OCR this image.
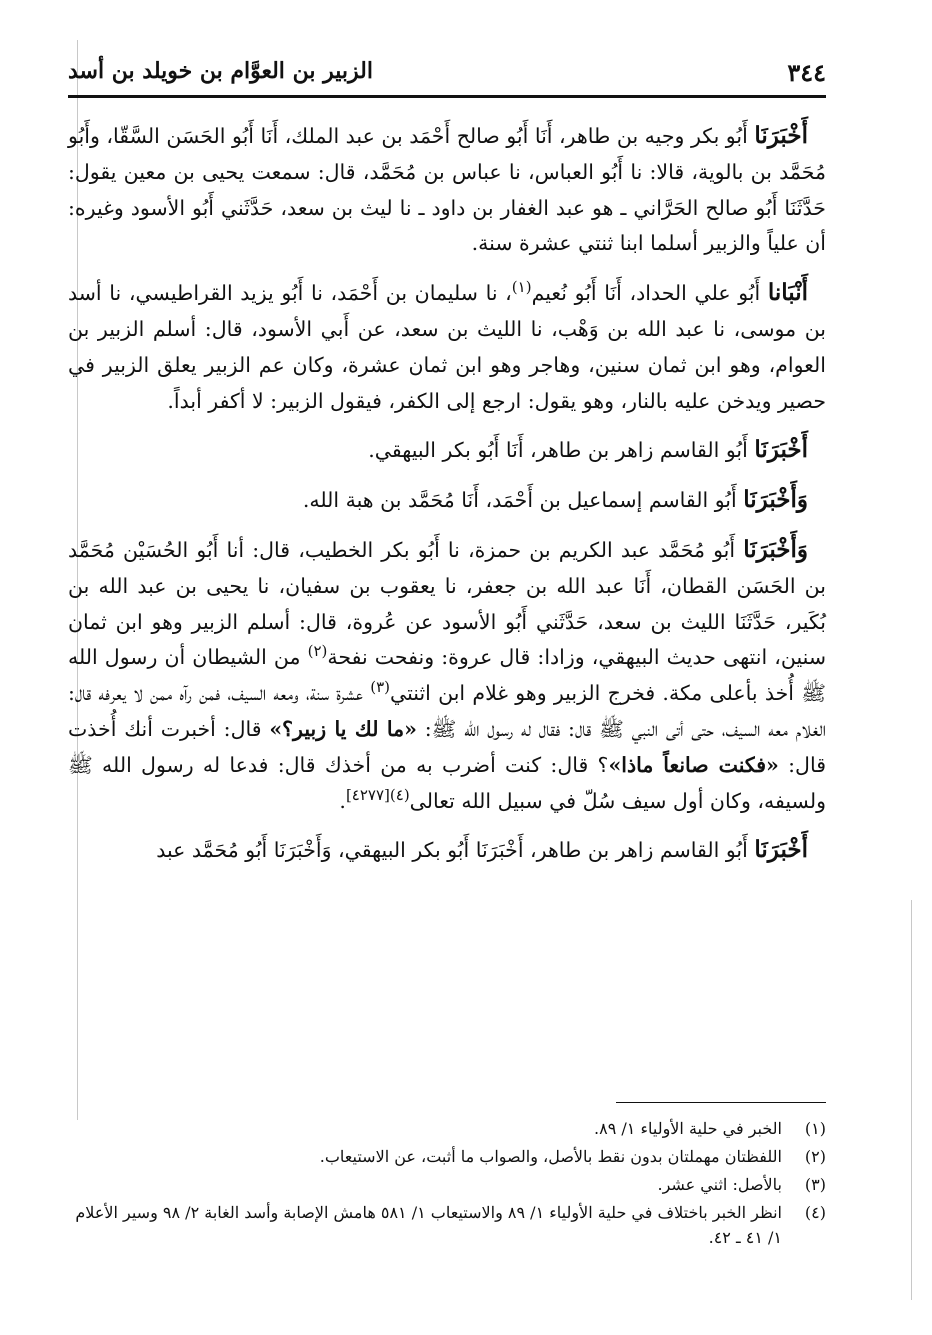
٣٤٤
الزبير بن العوَّام بن خويلد بن أسد

أَخْبَرَنَا أَبُو بكر وجيه بن طاهر، أَنَا أَبُو صالح أَحْمَد بن عبد الملك، أَنَا أَبُو الحَسَن السَّقّا، وأَبُو مُحَمَّد بن بالوية، قالا: نا أَبُو العباس، نا عباس بن مُحَمَّد، قال: سمعت يحيى بن معين يقول: حَدَّثَنَا أَبُو صالح الحَرَّاني ـ هو عبد الغفار بن داود ـ نا ليث بن سعد، حَدَّثَني أَبُو الأسود وغيره: أن علياً والزبير أسلما ابنا ثنتي عشرة سنة.

أَنْبَانا أَبُو علي الحداد، أَنَا أَبُو نُعيم$^{(١)}$، نا سليمان بن أَحْمَد، نا أَبُو يزيد القراطيسي، نا أسد بن موسى، نا عبد الله بن وَهْب، نا الليث بن سعد، عن أَبي الأسود، قال: أسلم الزبير بن العوام، وهو ابن ثمان سنين، وهاجر وهو ابن ثمان عشرة، وكان عم الزبير يعلق الزبير في حصير ويدخن عليه بالنار، وهو يقول: ارجع إلى الكفر، فيقول الزبير: لا أكفر أبداً.

أَخْبَرَنَا أَبُو القاسم زاهر بن طاهر، أَنَا أَبُو بكر البيهقي.

وَأَخْبَرَنَا أَبُو القاسم إسماعيل بن أَحْمَد، أَنَا مُحَمَّد بن هبة الله.

وَأَخْبَرَنَا أَبُو مُحَمَّد عبد الكريم بن حمزة، نا أَبُو بكر الخطيب، قال: أنا أَبُو الحُسَيْن مُحَمَّد بن الحَسَن القطان، أَنَا عبد الله بن جعفر، نا يعقوب بن سفيان، نا يحيى بن عبد الله بن بُكَير، حَدَّثَنَا الليث بن سعد، حَدَّثَني أَبُو الأسود عن عُروة، قال: أسلم الزبير وهو ابن ثمان سنين، انتهى حديث البيهقي، وزادا: قال عروة: ونفحت نفحة$^{(٢)}$ من الشيطان أن رسول الله ﷺ أُخذ بأعلى مكة. فخرج الزبير وهو غلام ابن اثنتي$^{(٣)}$ عشرة سنة، ومعه السيف، فمن رآه ممن لا يعرفه قال: الغلام معه السيف، حتى أتى النبي ﷺ قال: فقال له رسول الله ﷺ: «ما لك يا زبير؟» قال: أخبرت أنك أُخذت قال: «فكنت صانعاً ماذا»؟ قال: كنت أضرب به من أخذك قال: فدعا له رسول الله ﷺ ولسيفه، وكان أول سيف سُلّ في سبيل الله تعالى$^{(٤)[٤٢٧٧]}$.

أَخْبَرَنَا أَبُو القاسم زاهر بن طاهر، أَخْبَرَنَا أَبُو بكر البيهقي، وَأَخْبَرَنَا أَبُو مُحَمَّد عبد

(١)
الخبر في حلية الأولياء ١/ ٨٩.
(٢)
اللفظتان مهملتان بدون نقط بالأصل، والصواب ما أثبت، عن الاستيعاب.
(٣)
بالأصل: اثني عشر.
(٤)
انظر الخبر باختلاف في حلية الأولياء ١/ ٨٩ والاستيعاب ١/ ٥٨١ هامش الإصابة وأسد الغابة ٢/ ٩٨ وسير الأعلام ١/ ٤١ ـ ٤٢.
